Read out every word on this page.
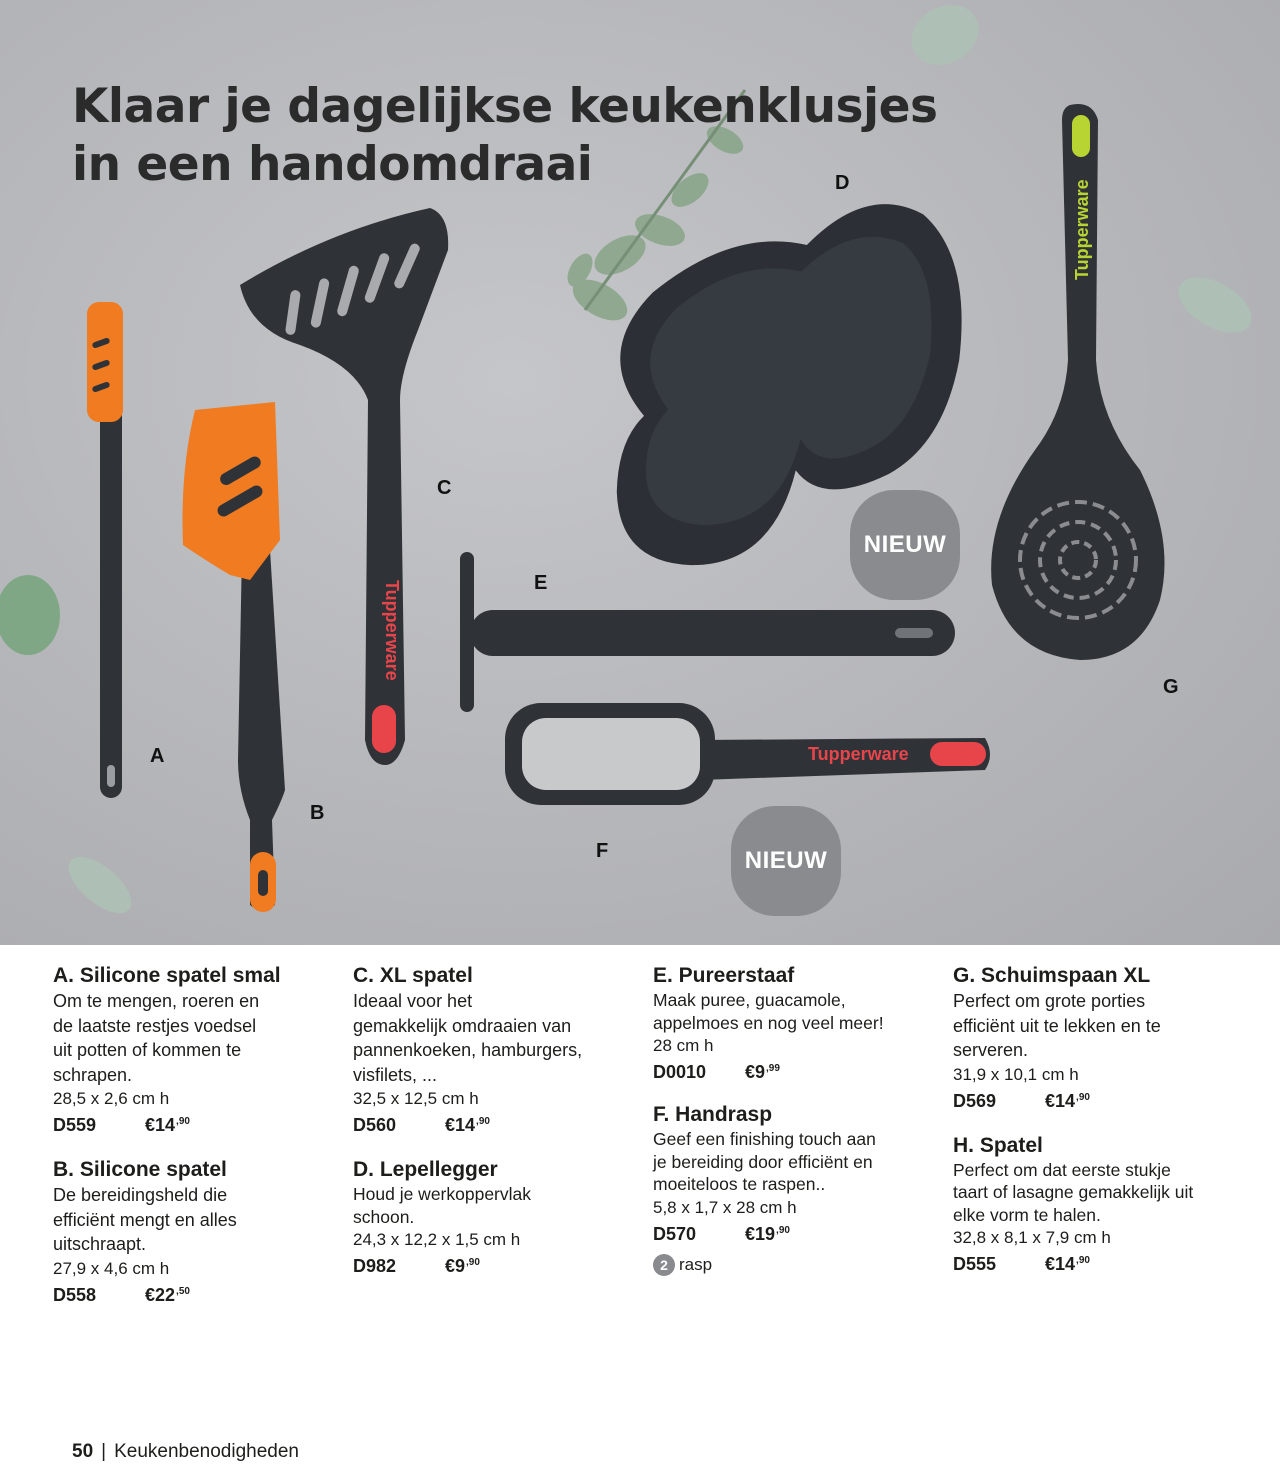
Tupperware
Tupperware
Tupperware
Klaar je dagelijkse keukenklusjes
in een handomdraai
A
B
C
D
E
F
G
NIEUW
NIEUW
A. Silicone spatel smal
Om te mengen, roeren en
de laatste restjes voedsel
uit potten of kommen te
schrapen.
28,5 x 2,6 cm h
D559	$€14^{,90}$
B. Silicone spatel
De bereidingsheld die
efficiënt mengt en alles
uitschraapt.
27,9 x 4,6 cm h
D558	$€22^{,50}$
C. XL spatel
Ideaal voor het
gemakkelijk omdraaien van
pannenkoeken, hamburgers,
visfilets, ...
32,5 x 12,5 cm h
D560	$€14^{,90}$
D. Lepellegger
Houd je werkoppervlak
schoon.
24,3 x 12,2 x 1,5 cm h
D982	$€9^{,90}$
E. Pureerstaaf
Maak puree, guacamole,
appelmoes en nog veel meer!
28 cm h
D0010	$€9^{,99}$
F. Handrasp
Geef een finishing touch aan
je bereiding door efficiënt en
moeiteloos te raspen..
5,8 x 1,7 x 28 cm h
D570	$€19^{,90}$
2 rasp
G. Schuimspaan XL
Perfect om grote porties
efficiënt uit te lekken en te
serveren.
31,9 x 10,1 cm h
D569	$€14^{,90}$
H. Spatel
Perfect om dat eerste stukje
taart of lasagne gemakkelijk uit
elke vorm te halen.
32,8 x 8,1 x 7,9 cm h
D555	$€14^{,90}$
50 | Keukenbenodigheden
